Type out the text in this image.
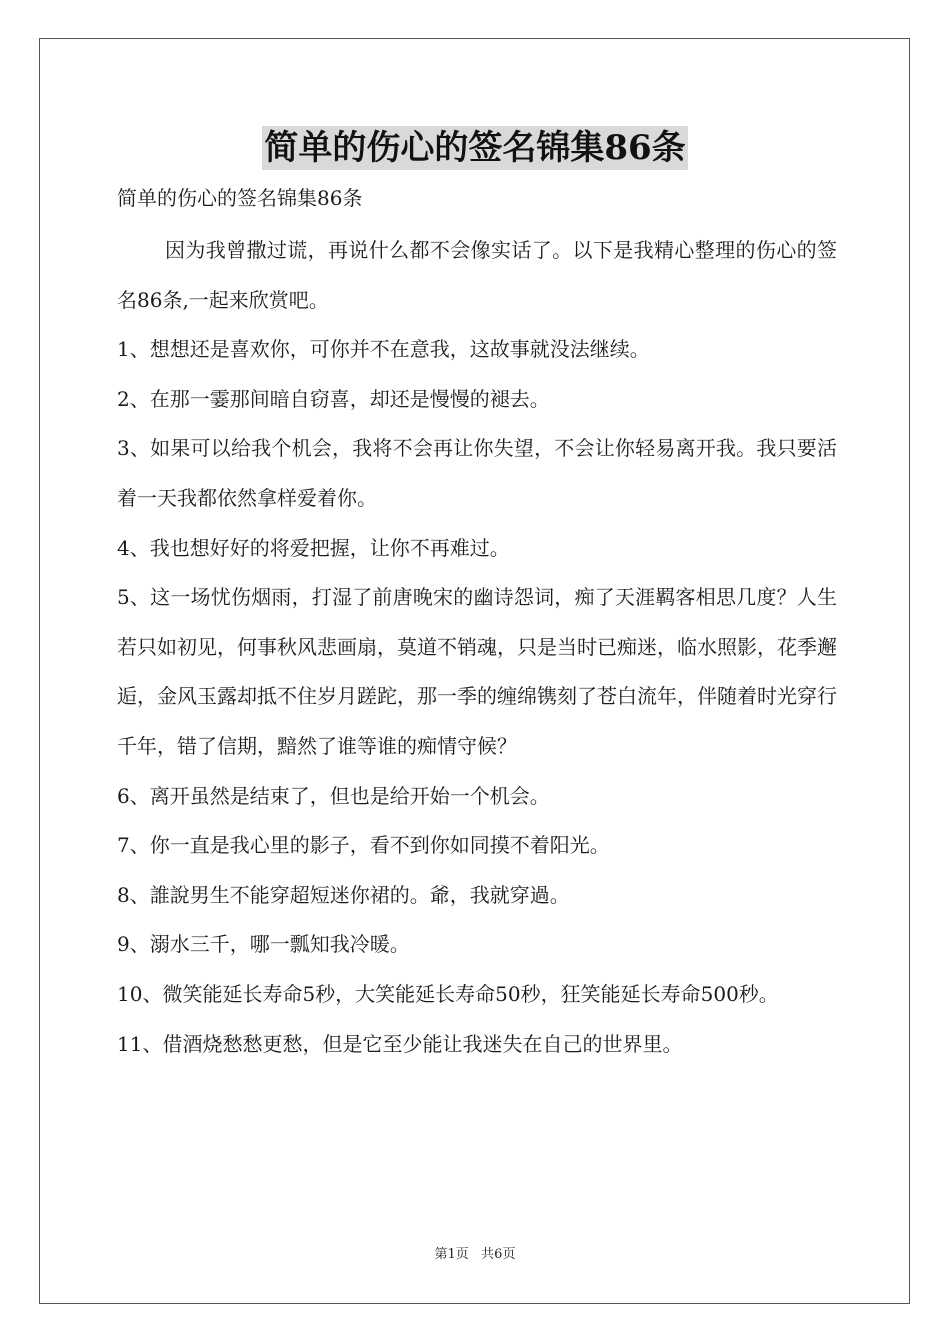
简单的伤心的签名锦集86条
简单的伤心的签名锦集86条

因为我曾撒过谎，再说什么都不会像实话了。以下是我精心整理的伤心的签名86条,一起来欣赏吧。

1、想想还是喜欢你，可你并不在意我，这故事就没法继续。

2、在那一霎那间暗自窃喜，却还是慢慢的褪去。

3、如果可以给我个机会，我将不会再让你失望，不会让你轻易离开我。我只要活着一天我都依然拿样爱着你。

4、我也想好好的将爱把握，让你不再难过。

5、这一场忧伤烟雨，打湿了前唐晚宋的幽诗怨词，痴了天涯羁客相思几度？人生若只如初见，何事秋风悲画扇，莫道不销魂，只是当时已痴迷，临水照影，花季邂逅，金风玉露却抵不住岁月蹉跎，那一季的缠绵镌刻了苍白流年，伴随着时光穿行千年，错了信期，黯然了谁等谁的痴情守候？

6、离开虽然是结束了，但也是给开始一个机会。

7、你一直是我心里的影子，看不到你如同摸不着阳光。

8、誰說男生不能穿超短迷你裙的。爺，我就穿過。

9、溺水三千，哪一瓢知我冷暖。

10、微笑能延长寿命5秒，大笑能延长寿命50秒，狂笑能延长寿命500秒。

11、借酒烧愁愁更愁，但是它至少能让我迷失在自己的世界里。

第1页   共6页
